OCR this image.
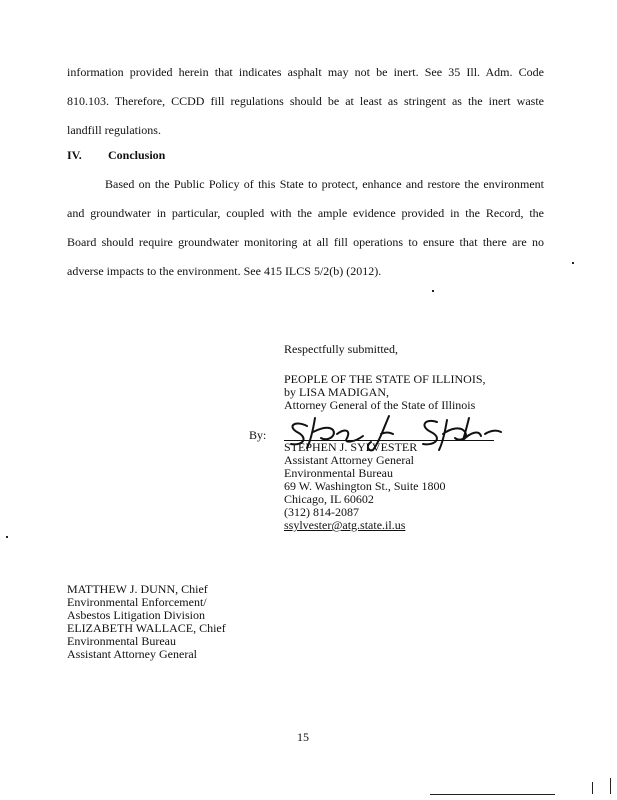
information provided herein that indicates asphalt may not be inert. See 35 Ill. Adm. Code
810.103. Therefore, CCDD fill regulations should be at least as stringent as the inert waste
landfill regulations.
IV. Conclusion
Based on the Public Policy of this State to protect, enhance and restore the environment
and groundwater in particular, coupled with the ample evidence provided in the Record, the
Board should require groundwater monitoring at all fill operations to ensure that there are no
adverse impacts to the environment. See 415 ILCS 5/2(b) (2012).
Respectfully submitted,
PEOPLE OF THE STATE OF ILLINOIS,
by LISA MADIGAN,
Attorney General of the State of Illinois
By:
STEPHEN J. SYLVESTER
Assistant Attorney General
Environmental Bureau
69 W. Washington St., Suite 1800
Chicago, IL 60602
(312) 814-2087
ssylvester@atg.state.il.us
MATTHEW J. DUNN, Chief
Environmental Enforcement/
Asbestos Litigation Division
ELIZABETH WALLACE, Chief
Environmental Bureau
Assistant Attorney General
15
